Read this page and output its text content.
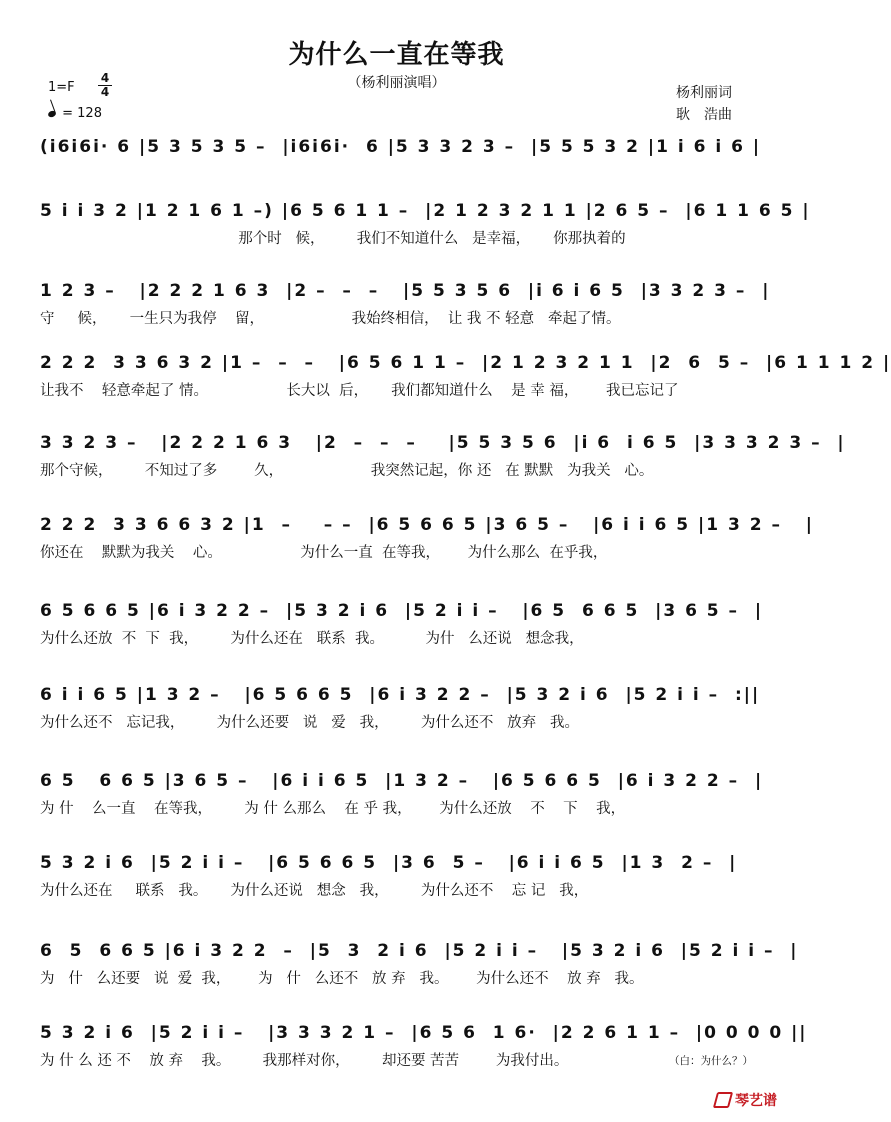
为什么一直在等我
（杨利丽演唱）
1=F
4
4
= 128
杨利丽词
耿　浩曲
(i6i6i· 6 |5 3 5 3 5 –  |i6i6i·  6 |5 3 3 2 3 –  |5 5 5 3 2 |1 i 6 i 6 |
5 i i 3 2 |1 2 1 6 1 –) |6 5 6 1 1 –  |2 1 2 3 2 1 1 |2 6 5 –  |6 1 1 6 5 |
那个时   候，       我们不知道什么   是幸福，     你那执着的
1 2 3 –   |2 2 2 1 6 3  |2 –  –  –   |5 5 3 5 6  |i 6 i 6 5  |3 3 2 3 –  |
守     候，     一生只为我停    留，                   我始终相信，  让 我 不 轻意   牵起了情。
2 2 2  3 3 6 3 2 |1 –  –  –   |6 5 6 1 1 –  |2 1 2 3 2 1 1  |2  6  5 –  |6 1 1 1 2 |
让我不    轻意牵起了 情。                 长大以  后，     我们都知道什么    是 幸 福，      我已忘记了
3 3 2 3 –   |2 2 2 1 6 3   |2  –  –  –    |5 5 3 5 6  |i 6  i 6 5  |3 3 3 2 3 –  |
那个守候，       不知过了多        久，                   我突然记起，你 还   在 默默   为我关   心。
2 2 2  3 3 6 6 3 2 |1  –    – –  |6 5 6 6 5 |3 6 5 –   |6 i i 6 5 |1 3 2 –   |
你还在    默默为我关    心。                 为什么一直  在等我，      为什么那么  在乎我，
6 5 6 6 5 |6 i 3 2 2 –  |5 3 2 i 6  |5 2 i i –   |6 5  6 6 5  |3 6 5 –  |
为什么还放  不  下  我，       为什么还在   联系  我。         为什   么还说   想念我，
6 i i 6 5 |1 3 2 –   |6 5 6 6 5  |6 i 3 2 2 –  |5 3 2 i 6  |5 2 i i –  :||
为什么还不   忘记我，       为什么还要   说   爱   我，       为什么还不   放弃   我。
6 5   6 6 5 |3 6 5 –   |6 i i 6 5  |1 3 2 –   |6 5 6 6 5  |6 i 3 2 2 –  |
为 什    么一直    在等我，       为 什 么那么    在 乎 我，      为什么还放    不    下    我，
5 3 2 i 6  |5 2 i i –   |6 5 6 6 5  |3 6  5 –   |6 i i 6 5  |1 3  2 –  |
为什么还在     联系   我。     为什么还说   想念   我，       为什么还不    忘 记   我，
6  5  6 6 5 |6 i 3 2 2  –  |5  3  2 i 6  |5 2 i i –   |5 3 2 i 6  |5 2 i i –  |
为   什   么还要   说  爱  我，      为   什   么还不   放 弃   我。      为什么还不    放 弃   我。
5 3 2 i 6  |5 2 i i –   |3 3 3 2 1 –  |6 5 6  1 6·  |2 2 6 1 1 –  |0 0 0 0 ||
为 什 么 还 不    放 弃    我。       我那样对你，       却还要 苦苦        为我付出。	（白：为什么？）
琴艺谱
